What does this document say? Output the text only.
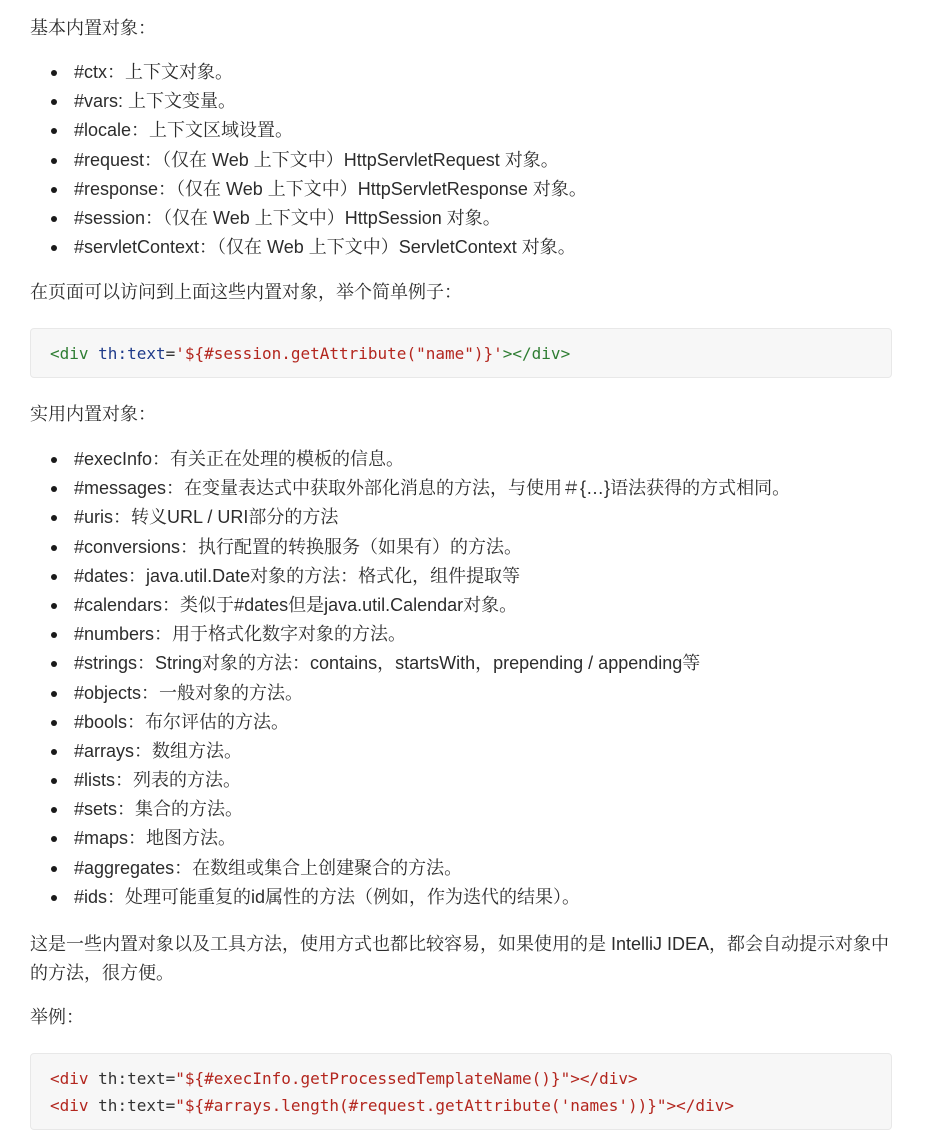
基本内置对象：

#ctx：上下文对象。
#vars: 上下文变量。
#locale：上下文区域设置。
#request：（仅在 Web 上下文中）HttpServletRequest 对象。
#response：（仅在 Web 上下文中）HttpServletResponse 对象。
#session：（仅在 Web 上下文中）HttpSession 对象。
#servletContext：（仅在 Web 上下文中）ServletContext 对象。

在页面可以访问到上面这些内置对象，举个简单例子：

<div th:text='${#session.getAttribute("name")}'></div>

实用内置对象：

#execInfo：有关正在处理的模板的信息。
#messages：在变量表达式中获取外部化消息的方法，与使用＃{…}语法获得的方式相同。
#uris：转义URL / URI部分的方法
#conversions：执行配置的转换服务（如果有）的方法。
#dates：java.util.Date对象的方法：格式化，组件提取等
#calendars：类似于#dates但是java.util.Calendar对象。
#numbers：用于格式化数字对象的方法。
#strings：String对象的方法：contains，startsWith，prepending / appending等
#objects：一般对象的方法。
#bools：布尔评估的方法。
#arrays：数组方法。
#lists：列表的方法。
#sets：集合的方法。
#maps：地图方法。
#aggregates：在数组或集合上创建聚合的方法。
#ids：处理可能重复的id属性的方法（例如，作为迭代的结果）。

这是一些内置对象以及工具方法，使用方式也都比较容易，如果使用的是 IntelliJ IDEA，都会自动提示对象中的方法，很方便。

举例：

<div th:text="${#execInfo.getProcessedTemplateName()}"></div>
<div th:text="${#arrays.length(#request.getAttribute('names'))}"></div>
